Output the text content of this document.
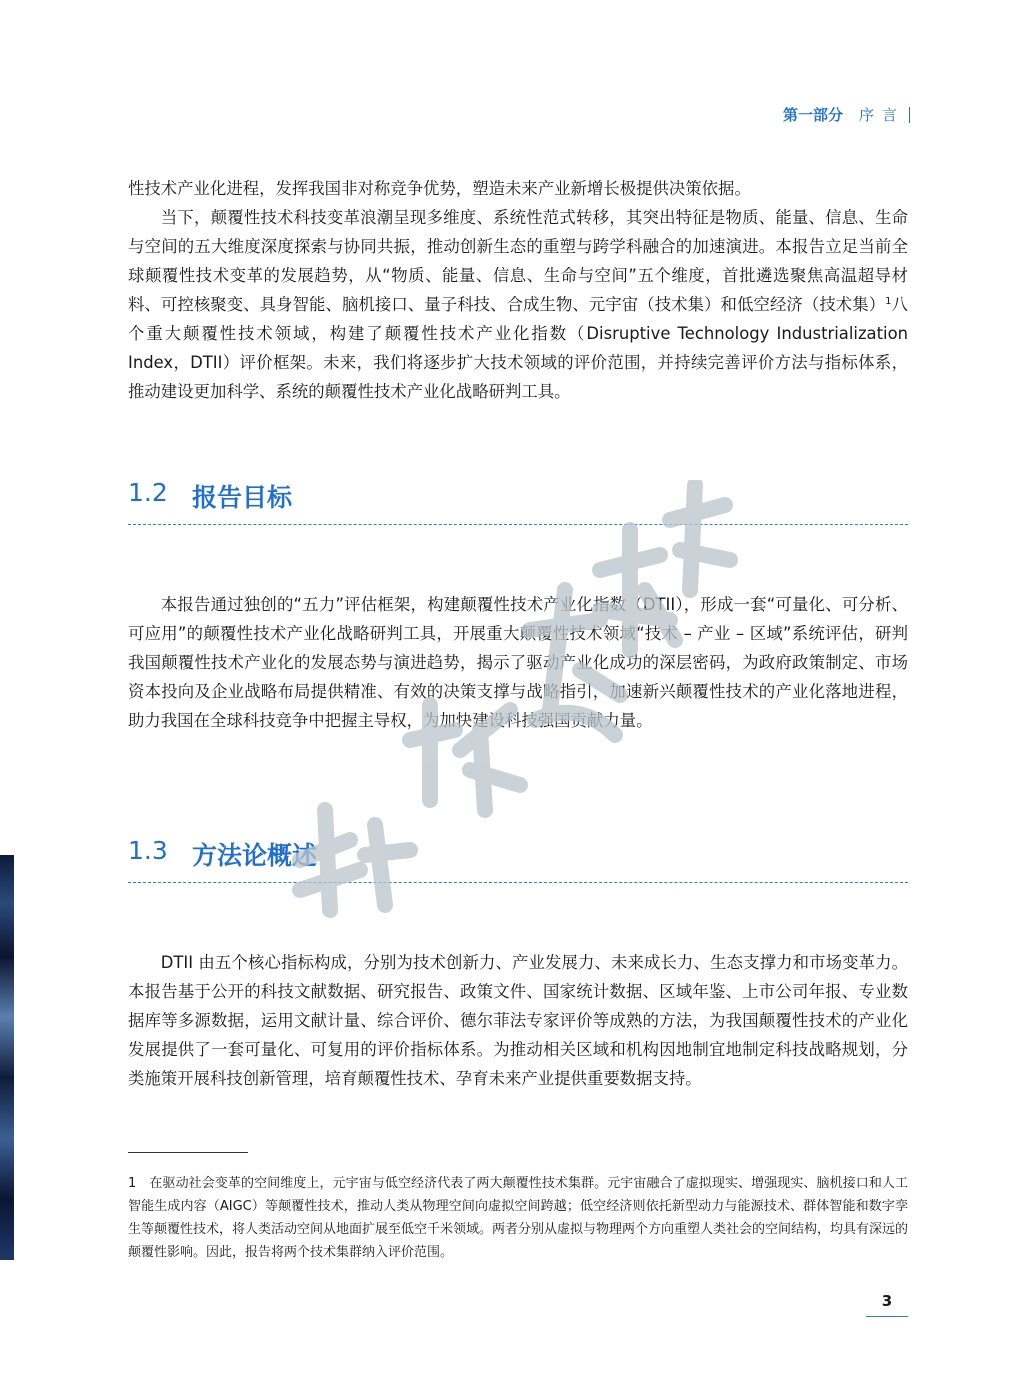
第一部分 序言

性技术产业化进程，发挥我国非对称竞争优势，塑造未来产业新增长极提供决策依据。

当下，颠覆性技术科技变革浪潮呈现多维度、系统性范式转移，其突出特征是物质、能量、信息、生命与空间的五大维度深度探索与协同共振，推动创新生态的重塑与跨学科融合的加速演进。本报告立足当前全球颠覆性技术变革的发展趋势，从“物质、能量、信息、生命与空间”五个维度，首批遴选聚焦高温超导材料、可控核聚变、具身智能、脑机接口、量子科技、合成生物、元宇宙（技术集）和低空经济（技术集）$^1$八个重大颠覆性技术领域，构建了颠覆性技术产业化指数（Disruptive Technology Industrialization Index，DTII）评价框架。未来，我们将逐步扩大技术领域的评价范围，并持续完善评价方法与指标体系，推动建设更加科学、系统的颠覆性技术产业化战略研判工具。

1.2 报告目标

本报告通过独创的“五力”评估框架，构建颠覆性技术产业化指数（DTII），形成一套“可量化、可分析、可应用”的颠覆性技术产业化战略研判工具，开展重大颠覆性技术领域“技术 – 产业 – 区域”系统评估，研判我国颠覆性技术产业化的发展态势与演进趋势，揭示了驱动产业化成功的深层密码，为政府政策制定、市场资本投向及企业战略布局提供精准、有效的决策支撑与战略指引，加速新兴颠覆性技术的产业化落地进程，助力我国在全球科技竞争中把握主导权，为加快建设科技强国贡献力量。

1.3 方法论概述

DTII 由五个核心指标构成，分别为技术创新力、产业发展力、未来成长力、生态支撑力和市场变革力。本报告基于公开的科技文献数据、研究报告、政策文件、国家统计数据、区域年鉴、上市公司年报、专业数据库等多源数据，运用文献计量、综合评价、德尔菲法专家评价等成熟的方法，为我国颠覆性技术的产业化发展提供了一套可量化、可复用的评价指标体系。为推动相关区域和机构因地制宜地制定科技战略规划，分类施策开展科技创新管理，培育颠覆性技术、孕育未来产业提供重要数据支持。

1　在驱动社会变革的空间维度上，元宇宙与低空经济代表了两大颠覆性技术集群。元宇宙融合了虚拟现实、增强现实、脑机接口和人工智能生成内容（AIGC）等颠覆性技术，推动人类从物理空间向虚拟空间跨越；低空经济则依托新型动力与能源技术、群体智能和数字孪生等颠覆性技术，将人类活动空间从地面扩展至低空千米领域。两者分别从虚拟与物理两个方向重塑人类社会的空间结构，均具有深远的颠覆性影响。因此，报告将两个技术集群纳入评价范围。

3
